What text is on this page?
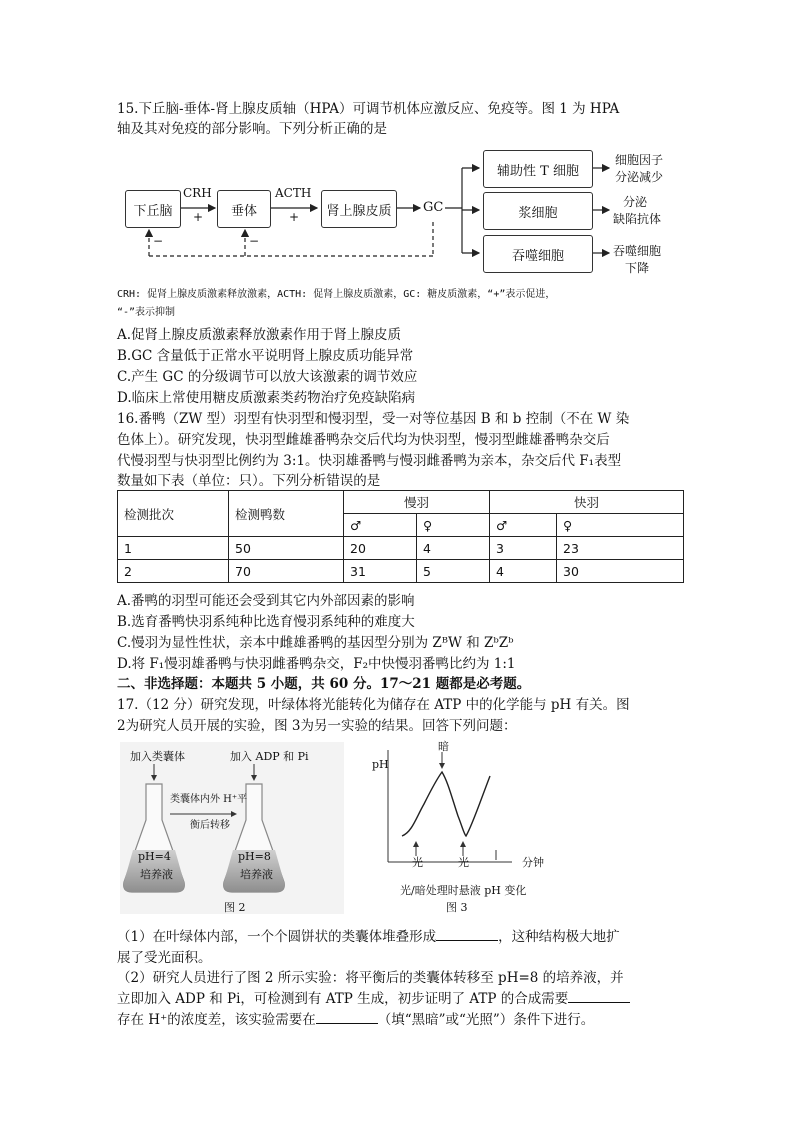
15.下丘脑-垂体-肾上腺皮质轴（HPA）可调节机体应激反应、免疫等。图 1 为 HPA
轴及其对免疫的部分影响。下列分析正确的是
下丘脑	垂体	肾上腺皮质	GC
CRH	ACTH
+	+
−	−
辅助性 T 细胞
浆细胞
吞噬细胞
细胞因子
分泌减少
分泌
缺陷抗体
吞噬细胞
下降
CRH: 促肾上腺皮质激素释放激素，ACTH: 促肾上腺皮质激素，GC: 糖皮质激素，“+”表示促进，
“-”表示抑制
A.促肾上腺皮质激素释放激素作用于肾上腺皮质
B.GC 含量低于正常水平说明肾上腺皮质功能异常
C.产生 GC 的分级调节可以放大该激素的调节效应
D.临床上常使用糖皮质激素类药物治疗免疫缺陷病
16.番鸭（ZW 型）羽型有快羽型和慢羽型，受一对等位基因 B 和 b 控制（不在 W 染
色体上）。研究发现，快羽型雌雄番鸭杂交后代均为快羽型，慢羽型雌雄番鸭杂交后
代慢羽型与快羽型比例约为 3:1。快羽雄番鸭与慢羽雌番鸭为亲本，杂交后代 F₁表型
数量如下表（单位：只）。下列分析错误的是
检测批次	检测鸭数	慢羽		快羽	
		♂	♀	♂	♀
1	50	20	4	3	23
2	70	31	5	4	30
A.番鸭的羽型可能还会受到其它内外部因素的影响
B.选育番鸭快羽系纯种比选育慢羽系纯种的难度大
C.慢羽为显性性状，亲本中雌雄番鸭的基因型分别为 ZᴮW 和 ZᵇZᵇ
D.将 F₁慢羽雄番鸭与快羽雌番鸭杂交，F₂中快慢羽番鸭比约为 1:1
二、非选择题：本题共 5 小题，共 60 分。17～21 题都是必考题。
17.（12 分）研究发现，叶绿体将光能转化为储存在 ATP 中的化学能与 pH 有关。图
2为研究人员开展的实验，图 3为另一实验的结果。回答下列问题：
加入类囊体	加入 ADP 和 Pi
类囊体内外 H⁺平
衡后转移
pH=4
培养液
pH=8
培养液
图 2
pH
暗
光	光	分钟
光/暗处理时悬液 pH 变化
图 3
（1）在叶绿体内部，一个个圆饼状的类囊体堆叠形成	，这种结构极大地扩
展了受光面积。
（2）研究人员进行了图 2 所示实验：将平衡后的类囊体转移至 pH=8 的培养液，并
立即加入 ADP 和 Pi，可检测到有 ATP 生成，初步证明了 ATP 的合成需要
存在 H⁺的浓度差，该实验需要在	（填“黑暗”或“光照”）条件下进行。
